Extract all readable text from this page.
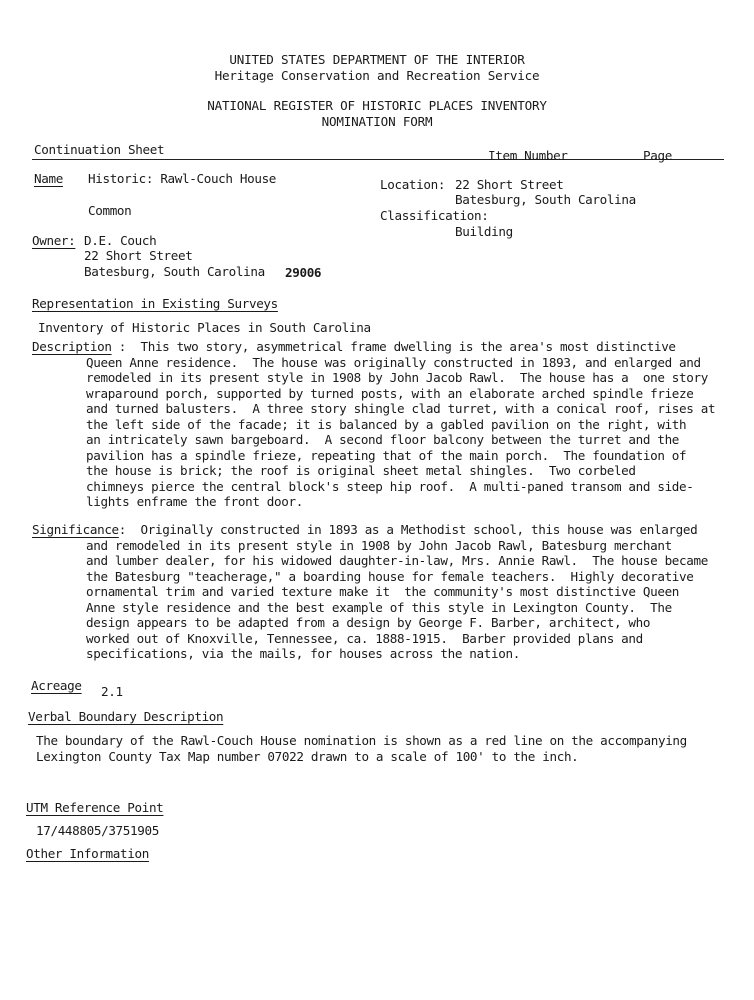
UNITED STATES DEPARTMENT OF THE INTERIOR
Heritage Conservation and Recreation Service
NATIONAL REGISTER OF HISTORIC PLACES INVENTORY
NOMINATION FORM
Continuation Sheet	Item Number	Page
Name Historic: Rawl-Couch House
Common
Location: 22 Short Street
Batesburg, South Carolina
Classification:
Building
Owner: D.E. Couch
22 Short Street
Batesburg, South Carolina 29006
Representation in Existing Surveys
Inventory of Historic Places in South Carolina
Description :  This two story, asymmetrical frame dwelling is the area's most distinctive
Queen Anne residence.  The house was originally constructed in 1893, and enlarged and
remodeled in its present style in 1908 by John Jacob Rawl.  The house has a  one story
wraparound porch, supported by turned posts, with an elaborate arched spindle frieze
and turned balusters.  A three story shingle clad turret, with a conical roof, rises at
the left side of the facade; it is balanced by a gabled pavilion on the right, with
an intricately sawn bargeboard.  A second floor balcony between the turret and the
pavilion has a spindle frieze, repeating that of the main porch.  The foundation of
the house is brick; the roof is original sheet metal shingles.  Two corbeled
chimneys pierce the central block's steep hip roof.  A multi-paned transom and side-
lights enframe the front door.
Significance:  Originally constructed in 1893 as a Methodist school, this house was enlarged
and remodeled in its present style in 1908 by John Jacob Rawl, Batesburg merchant
and lumber dealer, for his widowed daughter-in-law, Mrs. Annie Rawl.  The house became
the Batesburg "teacherage," a boarding house for female teachers.  Highly decorative
ornamental trim and varied texture make it  the community's most distinctive Queen
Anne style residence and the best example of this style in Lexington County.  The
design appears to be adapted from a design by George F. Barber, architect, who
worked out of Knoxville, Tennessee, ca. 1888-1915.  Barber provided plans and
specifications, via the mails, for houses across the nation.
Acreage 2.1
Verbal Boundary Description
The boundary of the Rawl-Couch House nomination is shown as a red line on the accompanying
Lexington County Tax Map number 07022 drawn to a scale of 100' to the inch.
UTM Reference Point
17/448805/3751905
Other Information
